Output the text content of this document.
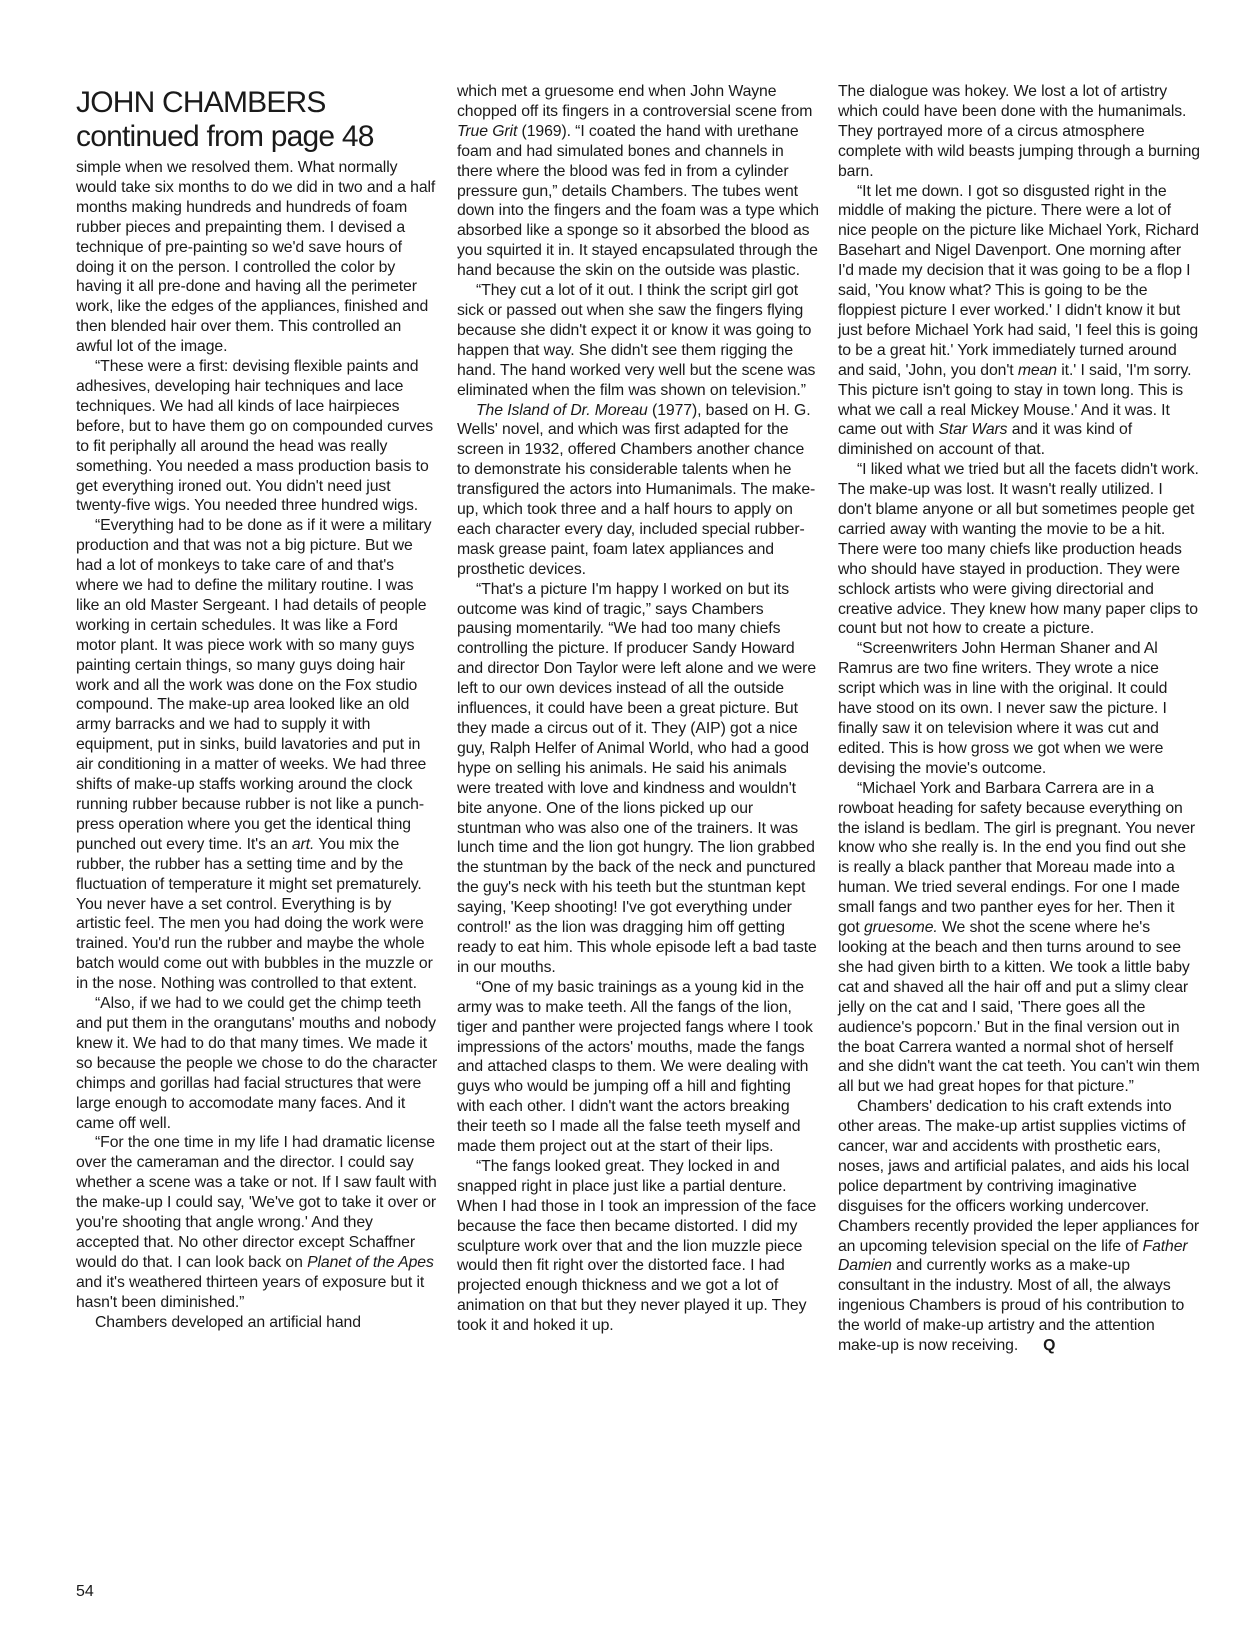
JOHN CHAMBERS
continued from page 48

simple when we resolved them. What normally would take six months to do we did in two and a half months making hundreds and hundreds of foam rubber pieces and prepainting them. I devised a technique of pre-painting so we'd save hours of doing it on the person. I controlled the color by having it all pre-done and having all the perimeter work, like the edges of the appliances, finished and then blended hair over them. This controlled an awful lot of the image.

“These were a first: devising flexible paints and adhesives, developing hair techniques and lace techniques. We had all kinds of lace hairpieces before, but to have them go on compounded curves to fit periphally all around the head was really something. You needed a mass production basis to get everything ironed out. You didn't need just twenty-five wigs. You needed three hundred wigs.

“Everything had to be done as if it were a military production and that was not a big picture. But we had a lot of monkeys to take care of and that's where we had to define the military routine. I was like an old Master Sergeant. I had details of people working in certain schedules. It was like a Ford motor plant. It was piece work with so many guys painting certain things, so many guys doing hair work and all the work was done on the Fox studio compound. The make-up area looked like an old army barracks and we had to supply it with equipment, put in sinks, build lavatories and put in air conditioning in a matter of weeks. We had three shifts of make-up staffs working around the clock running rubber because rubber is not like a punch-press operation where you get the identical thing punched out every time. It's an art. You mix the rubber, the rubber has a setting time and by the fluctuation of temperature it might set prematurely. You never have a set control. Everything is by artistic feel. The men you had doing the work were trained. You'd run the rubber and maybe the whole batch would come out with bubbles in the muzzle or in the nose. Nothing was controlled to that extent.

“Also, if we had to we could get the chimp teeth and put them in the orangutans' mouths and nobody knew it. We had to do that many times. We made it so because the people we chose to do the character chimps and gorillas had facial structures that were large enough to accomodate many faces. And it came off well.

“For the one time in my life I had dramatic license over the cameraman and the director. I could say whether a scene was a take or not. If I saw fault with the make-up I could say, 'We've got to take it over or you're shooting that angle wrong.' And they accepted that. No other director except Schaffner would do that. I can look back on Planet of the Apes and it's weathered thirteen years of exposure but it hasn't been diminished.”

Chambers developed an artificial hand

which met a gruesome end when John Wayne chopped off its fingers in a controversial scene from True Grit (1969). “I coated the hand with urethane foam and had simulated bones and channels in there where the blood was fed in from a cylinder pressure gun,” details Chambers. The tubes went down into the fingers and the foam was a type which absorbed like a sponge so it absorbed the blood as you squirted it in. It stayed encapsulated through the hand because the skin on the outside was plastic.

“They cut a lot of it out. I think the script girl got sick or passed out when she saw the fingers flying because she didn't expect it or know it was going to happen that way. She didn't see them rigging the hand. The hand worked very well but the scene was eliminated when the film was shown on television.”

The Island of Dr. Moreau (1977), based on H. G. Wells' novel, and which was first adapted for the screen in 1932, offered Chambers another chance to demonstrate his considerable talents when he transfigured the actors into Humanimals. The make-up, which took three and a half hours to apply on each character every day, included special rubber-mask grease paint, foam latex appliances and prosthetic devices.

“That's a picture I'm happy I worked on but its outcome was kind of tragic,” says Chambers pausing momentarily. “We had too many chiefs controlling the picture. If producer Sandy Howard and director Don Taylor were left alone and we were left to our own devices instead of all the outside influences, it could have been a great picture. But they made a circus out of it. They (AIP) got a nice guy, Ralph Helfer of Animal World, who had a good hype on selling his animals. He said his animals were treated with love and kindness and wouldn't bite anyone. One of the lions picked up our stuntman who was also one of the trainers. It was lunch time and the lion got hungry. The lion grabbed the stuntman by the back of the neck and punctured the guy's neck with his teeth but the stuntman kept saying, 'Keep shooting! I've got everything under control!' as the lion was dragging him off getting ready to eat him. This whole episode left a bad taste in our mouths.

“One of my basic trainings as a young kid in the army was to make teeth. All the fangs of the lion, tiger and panther were projected fangs where I took impressions of the actors' mouths, made the fangs and attached clasps to them. We were dealing with guys who would be jumping off a hill and fighting with each other. I didn't want the actors breaking their teeth so I made all the false teeth myself and made them project out at the start of their lips.

“The fangs looked great. They locked in and snapped right in place just like a partial denture. When I had those in I took an impression of the face because the face then became distorted. I did my sculpture work over that and the lion muzzle piece would then fit right over the distorted face. I had projected enough thickness and we got a lot of animation on that but they never played it up. They took it and hoked it up.

The dialogue was hokey. We lost a lot of artistry which could have been done with the humanimals. They portrayed more of a circus atmosphere complete with wild beasts jumping through a burning barn.

“It let me down. I got so disgusted right in the middle of making the picture. There were a lot of nice people on the picture like Michael York, Richard Basehart and Nigel Davenport. One morning after I'd made my decision that it was going to be a flop I said, 'You know what? This is going to be the floppiest picture I ever worked.' I didn't know it but just before Michael York had said, 'I feel this is going to be a great hit.' York immediately turned around and said, 'John, you don't mean it.' I said, 'I'm sorry. This picture isn't going to stay in town long. This is what we call a real Mickey Mouse.' And it was. It came out with Star Wars and it was kind of diminished on account of that.

“I liked what we tried but all the facets didn't work. The make-up was lost. It wasn't really utilized. I don't blame anyone or all but sometimes people get carried away with wanting the movie to be a hit. There were too many chiefs like production heads who should have stayed in production. They were schlock artists who were giving directorial and creative advice. They knew how many paper clips to count but not how to create a picture.

“Screenwriters John Herman Shaner and Al Ramrus are two fine writers. They wrote a nice script which was in line with the original. It could have stood on its own. I never saw the picture. I finally saw it on television where it was cut and edited. This is how gross we got when we were devising the movie's outcome.

“Michael York and Barbara Carrera are in a rowboat heading for safety because everything on the island is bedlam. The girl is pregnant. You never know who she really is. In the end you find out she is really a black panther that Moreau made into a human. We tried several endings. For one I made small fangs and two panther eyes for her. Then it got gruesome. We shot the scene where he's looking at the beach and then turns around to see she had given birth to a kitten. We took a little baby cat and shaved all the hair off and put a slimy clear jelly on the cat and I said, 'There goes all the audience's popcorn.' But in the final version out in the boat Carrera wanted a normal shot of herself and she didn't want the cat teeth. You can't win them all but we had great hopes for that picture.”

Chambers' dedication to his craft extends into other areas. The make-up artist supplies victims of cancer, war and accidents with prosthetic ears, noses, jaws and artificial palates, and aids his local police department by contriving imaginative disguises for the officers working undercover. Chambers recently provided the leper appliances for an upcoming television special on the life of Father Damien and currently works as a make-up consultant in the industry. Most of all, the always ingenious Chambers is proud of his contribution to the world of make-up artistry and the attention make-up is now receiving. Q

54
